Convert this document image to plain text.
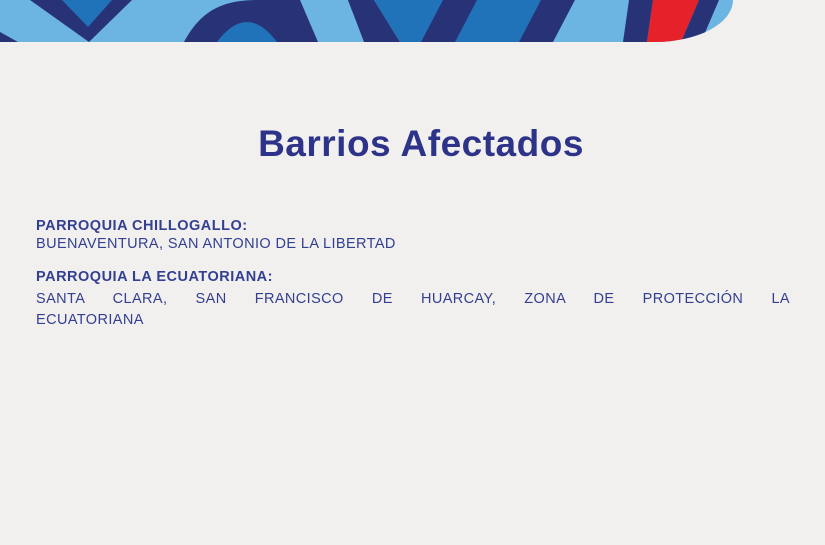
Barrios Afectados
PARROQUIA CHILLOGALLO:
BUENAVENTURA, SAN ANTONIO DE LA LIBERTAD
PARROQUIA LA ECUATORIANA:
SANTA CLARA, SAN FRANCISCO DE HUARCAY, ZONA DE PROTECCIÓN LA
ECUATORIANA
